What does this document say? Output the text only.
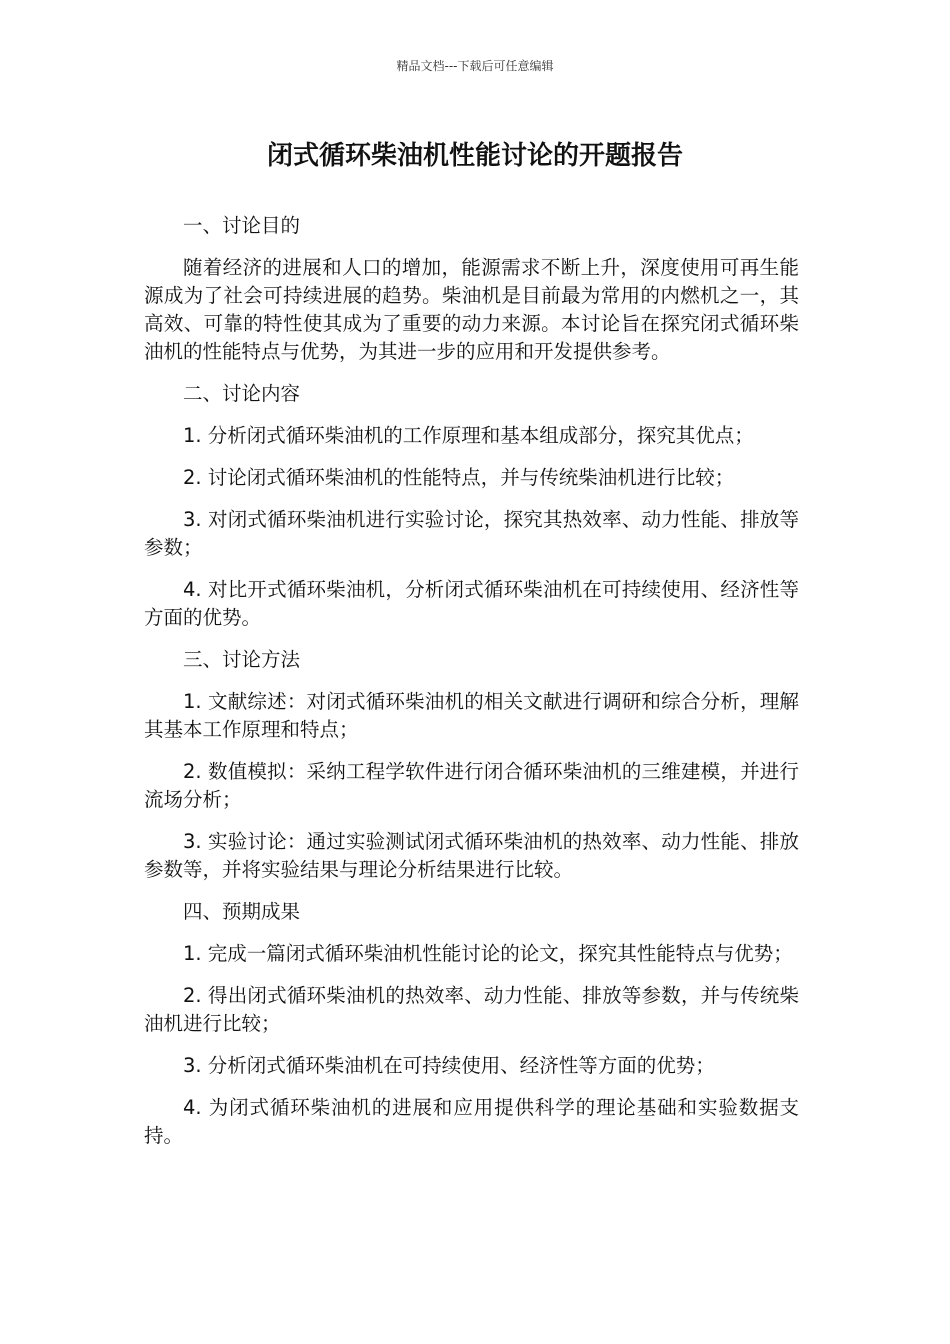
精品文档---下载后可任意编辑
闭式循环柴油机性能讨论的开题报告

一、讨论目的

随着经济的进展和人口的增加，能源需求不断上升，深度使用可再生能源成为了社会可持续进展的趋势。柴油机是目前最为常用的内燃机之一，其高效、可靠的特性使其成为了重要的动力来源。本讨论旨在探究闭式循环柴油机的性能特点与优势，为其进一步的应用和开发提供参考。

二、讨论内容

1. 分析闭式循环柴油机的工作原理和基本组成部分，探究其优点；

2. 讨论闭式循环柴油机的性能特点，并与传统柴油机进行比较；

3. 对闭式循环柴油机进行实验讨论，探究其热效率、动力性能、排放等参数；

4. 对比开式循环柴油机，分析闭式循环柴油机在可持续使用、经济性等方面的优势。

三、讨论方法

1. 文献综述：对闭式循环柴油机的相关文献进行调研和综合分析，理解其基本工作原理和特点；

2. 数值模拟：采纳工程学软件进行闭合循环柴油机的三维建模，并进行流场分析；

3. 实验讨论：通过实验测试闭式循环柴油机的热效率、动力性能、排放参数等，并将实验结果与理论分析结果进行比较。

四、预期成果

1. 完成一篇闭式循环柴油机性能讨论的论文，探究其性能特点与优势；

2. 得出闭式循环柴油机的热效率、动力性能、排放等参数，并与传统柴油机进行比较；

3. 分析闭式循环柴油机在可持续使用、经济性等方面的优势；

4. 为闭式循环柴油机的进展和应用提供科学的理论基础和实验数据支持。
